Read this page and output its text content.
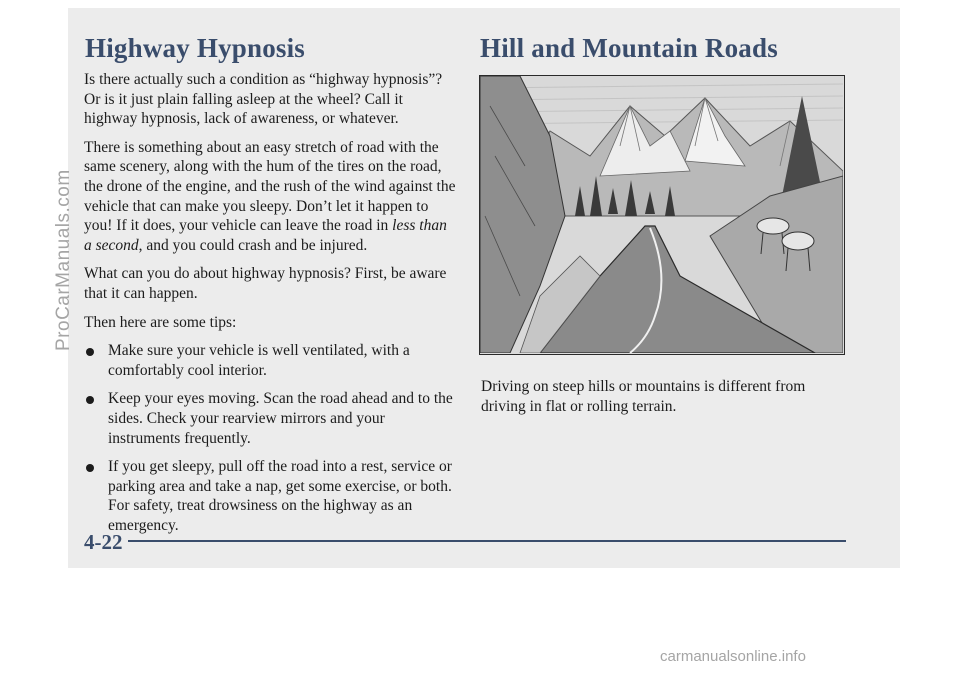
Highway Hypnosis	Hill and Mountain Roads

Is there actually such a condition as “highway hypnosis”? Or is it just plain falling asleep at the wheel? Call it highway hypnosis, lack of awareness, or whatever.

There is something about an easy stretch of road with the same scenery, along with the hum of the tires on the road, the drone of the engine, and the rush of the wind against the vehicle that can make you sleepy. Don’t let it happen to you! If it does, your vehicle can leave the road in less than a second, and you could crash and be injured.

What can you do about highway hypnosis? First, be aware that it can happen.

Then here are some tips:

Make sure your vehicle is well ventilated, with a comfortably cool interior.
Keep your eyes moving. Scan the road ahead and to the sides. Check your rearview mirrors and your instruments frequently.
If you get sleepy, pull off the road into a rest, service or parking area and take a nap, get some exercise, or both. For safety, treat drowsiness on the highway as an emergency.

Driving on steep hills or mountains is different from driving in flat or rolling terrain.

4-22

ProCarManuals.com
carmanualsonline.info
